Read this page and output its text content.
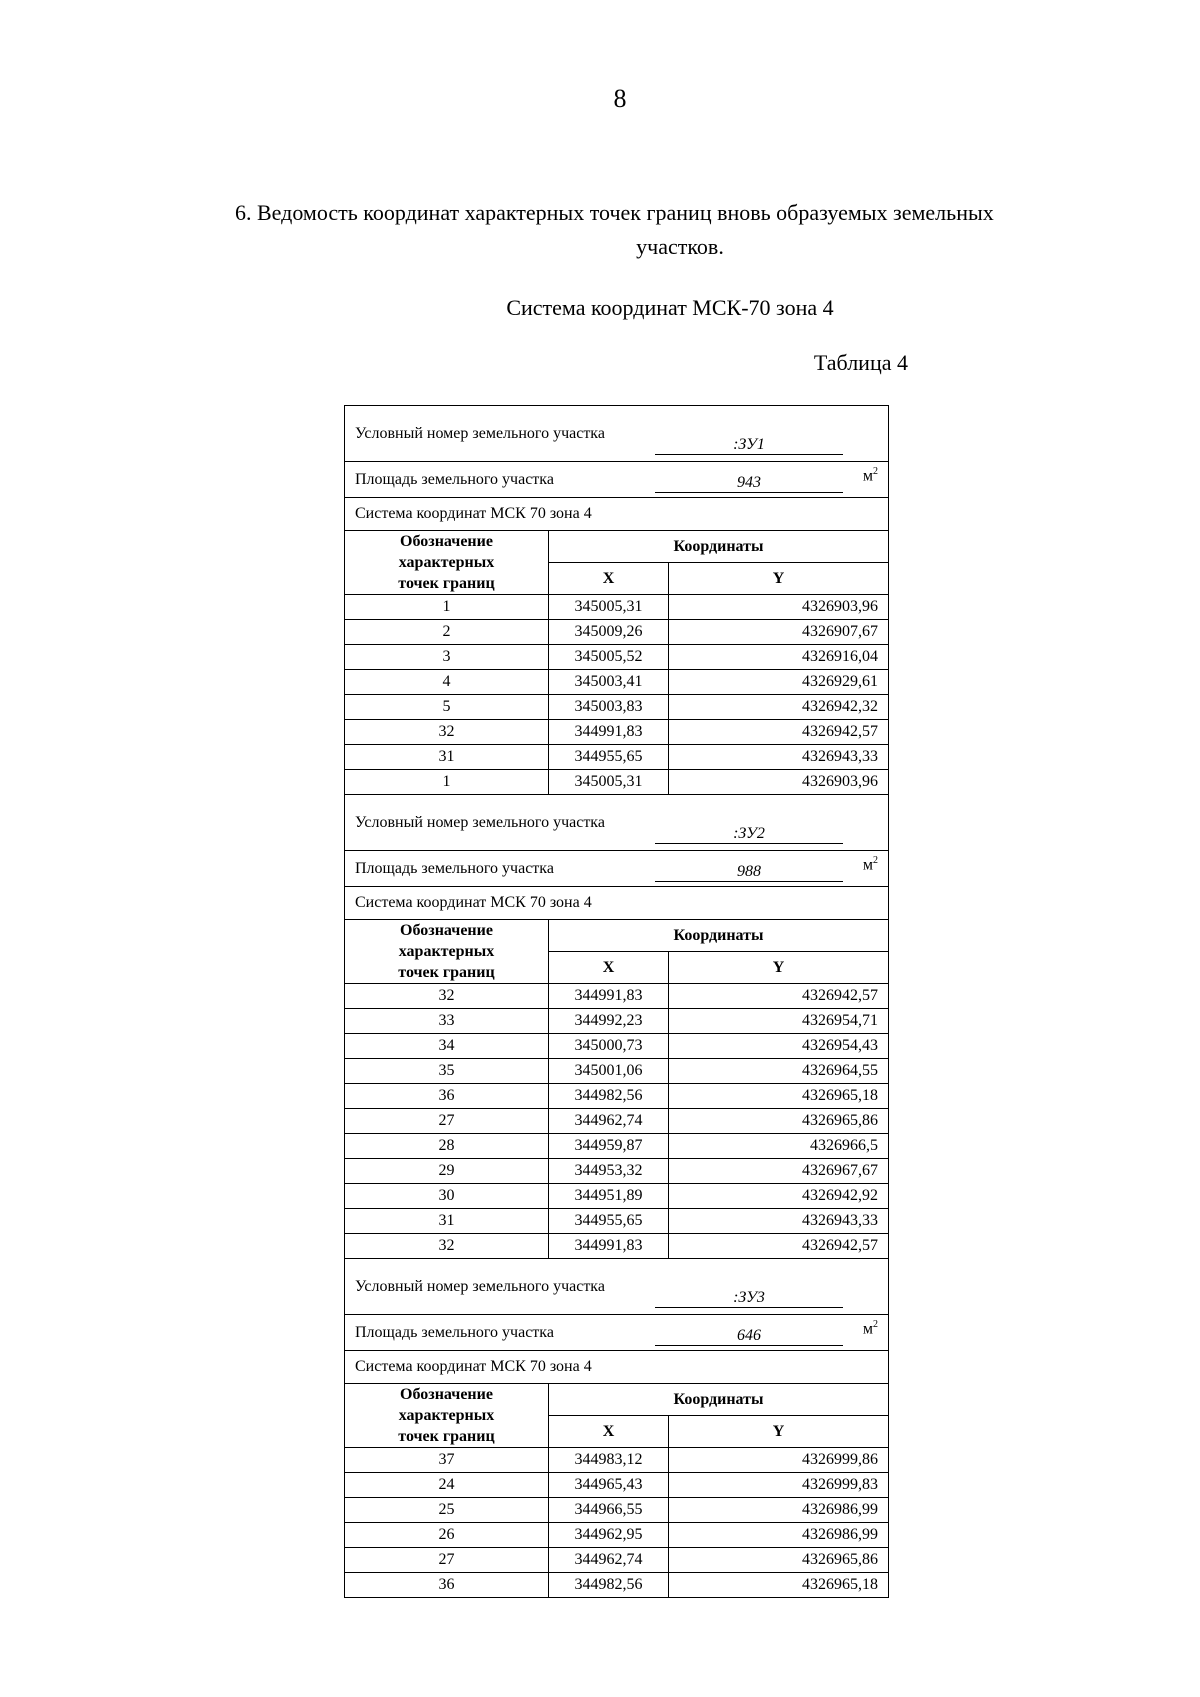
8
6. Ведомость координат характерных точек границ вновь образуемых земельных
участков.
Система координат МСК-70 зона 4
Таблица 4
Условный номер земельного участка
:ЗУ1		

Площадь земельного участка 943 $м^2$

Система координат МСК 70 зона 4		
Обозначение характерных точек границ	Координаты	
	X	Y
1	345005,31	4326903,96
2	345009,26	4326907,67
3	345005,52	4326916,04
4	345003,41	4326929,61
5	345003,83	4326942,32
32	344991,83	4326942,57
31	344955,65	4326943,33
1	345005,31	4326903,96

Условный номер земельного участка
:ЗУ2		

Площадь земельного участка 988 $м^2$

Система координат МСК 70 зона 4		
Обозначение характерных точек границ	Координаты	
	X	Y
32	344991,83	4326942,57
33	344992,23	4326954,71
34	345000,73	4326954,43
35	345001,06	4326964,55
36	344982,56	4326965,18
27	344962,74	4326965,86
28	344959,87	4326966,5
29	344953,32	4326967,67
30	344951,89	4326942,92
31	344955,65	4326943,33
32	344991,83	4326942,57

Условный номер земельного участка
:ЗУ3		

Площадь земельного участка 646 $м^2$

Система координат МСК 70 зона 4		
Обозначение характерных точек границ	Координаты	
	X	Y
37	344983,12	4326999,86
24	344965,43	4326999,83
25	344966,55	4326986,99
26	344962,95	4326986,99
27	344962,74	4326965,86
36	344982,56	4326965,18
